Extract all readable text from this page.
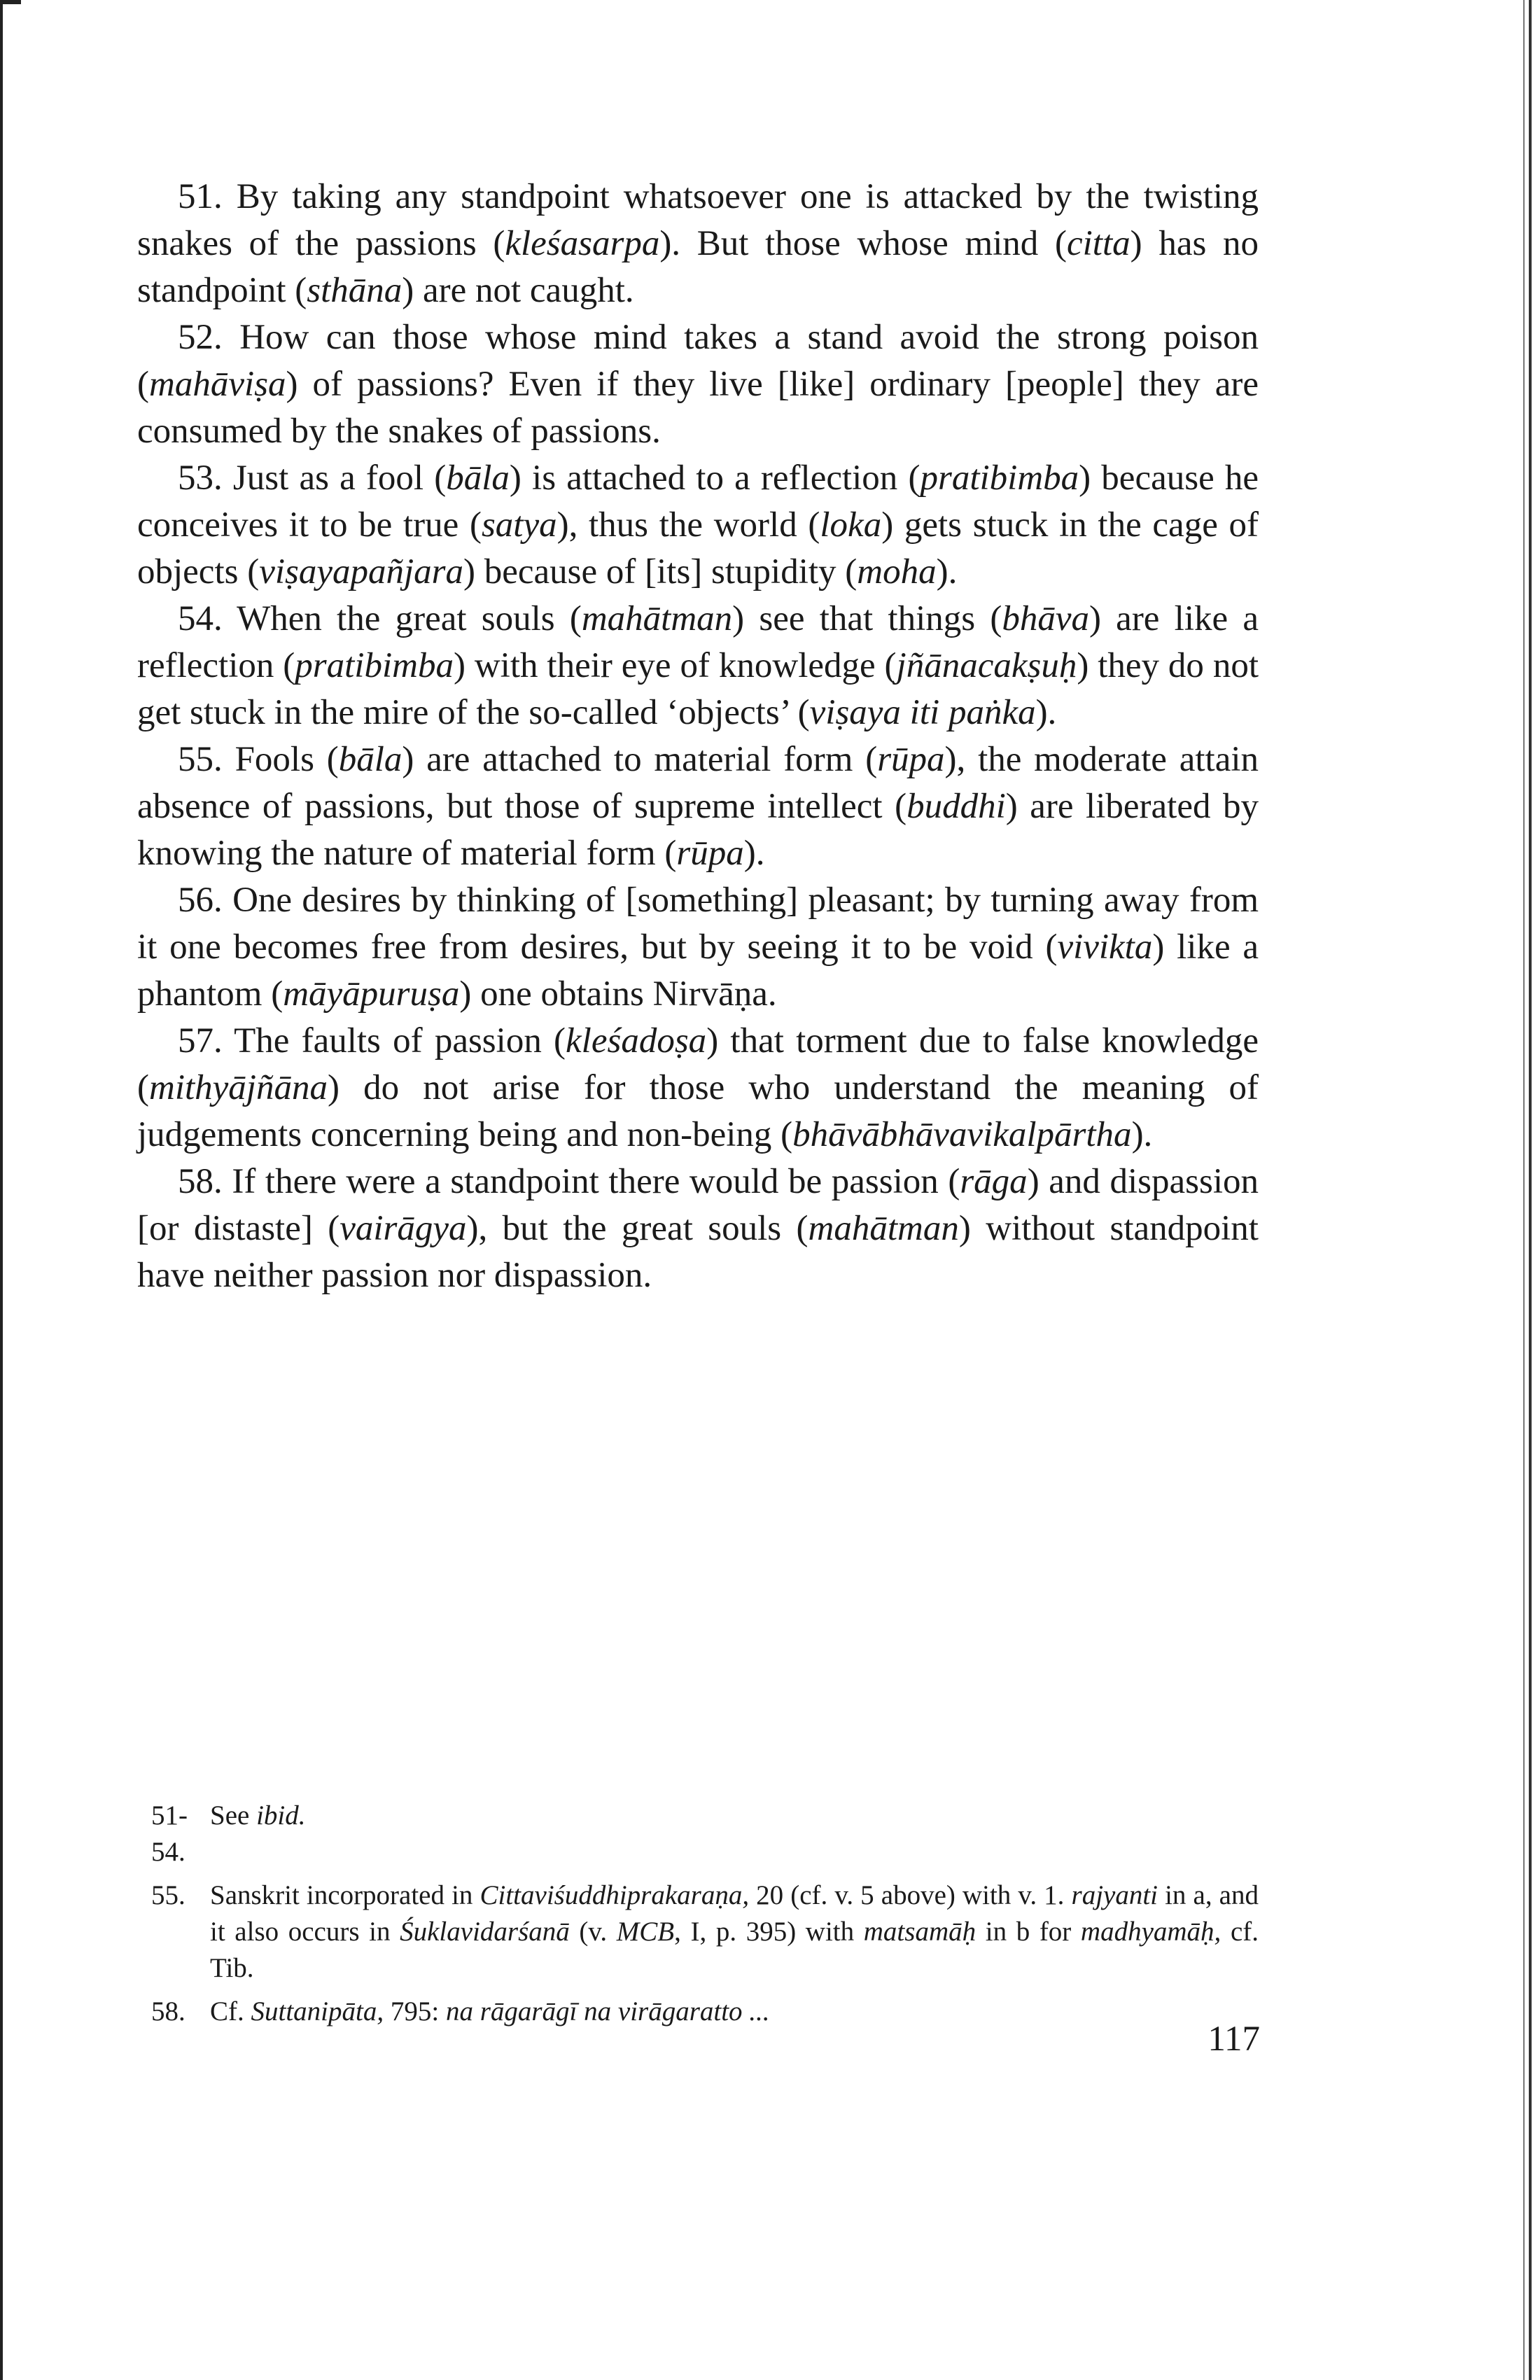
51. By taking any standpoint whatsoever one is attacked by the twisting snakes of the passions (kleśasarpa). But those whose mind (citta) has no standpoint (sthāna) are not caught.

52. How can those whose mind takes a stand avoid the strong poison (mahāviṣa) of passions? Even if they live [like] ordinary [people] they are consumed by the snakes of passions.

53. Just as a fool (bāla) is attached to a reflection (pratibimba) because he conceives it to be true (satya), thus the world (loka) gets stuck in the cage of objects (viṣayapañjara) because of [its] stupidity (moha).

54. When the great souls (mahātman) see that things (bhāva) are like a reflection (pratibimba) with their eye of knowledge (jñānacakṣuḥ) they do not get stuck in the mire of the so-called ‘objects’ (viṣaya iti paṅka).

55. Fools (bāla) are attached to material form (rūpa), the moderate attain absence of passions, but those of supreme intellect (buddhi) are liberated by knowing the nature of material form (rūpa).

56. One desires by thinking of [something] pleasant; by turning away from it one becomes free from desires, but by seeing it to be void (vivikta) like a phantom (māyāpuruṣa) one obtains Nirvāṇa.

57. The faults of passion (kleśadoṣa) that torment due to false knowledge (mithyājñāna) do not arise for those who understand the meaning of judgements concerning being and non-being (bhāvābhāvavikalpārtha).

58. If there were a standpoint there would be passion (rāga) and dispassion [or distaste] (vairāgya), but the great souls (mahātman) without standpoint have neither passion nor dispassion.

51-54.
See ibid.
55. Sanskrit incorporated in Cittaviśuddhiprakaraṇa, 20 (cf. v. 5 above) with v. 1. rajyanti in a, and it also occurs in Śuklavidarśanā (v. MCB, I, p. 395) with matsamāḥ in b for madhyamāḥ, cf. Tib.
58. Cf. Suttanipāta, 795: na rāgarāgī na virāgaratto ...
117
